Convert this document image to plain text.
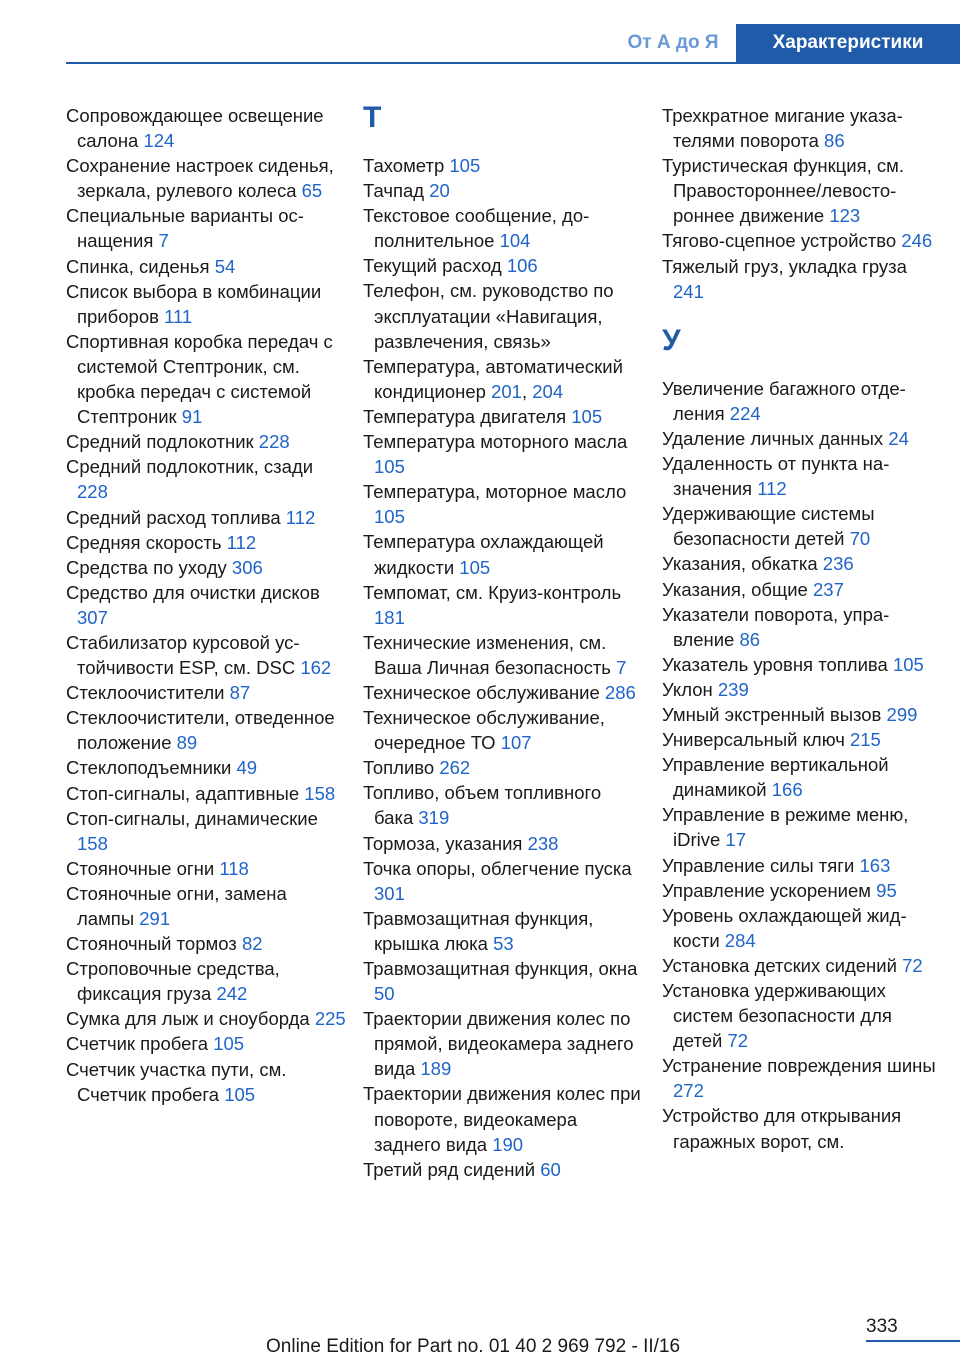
От А до Я	Характеристики
Сопровождающее освещение салона 124
Сохранение настроек сиденья, зеркала, рулевого колеса 65
Специальные варианты оснащения 7
Спинка, сиденья 54
Список выбора в комбинации приборов 111
Спортивная коробка передач с системой Стептроник, см. кробка передач с системой Стептроник 91
Средний подлокотник 228
Средний подлокотник, сзади 228
Средний расход топлива 112
Средняя скорость 112
Средства по уходу 306
Средство для очистки дисков 307
Стабилизатор курсовой устойчивости ESP, см. DSC 162
Стеклоочистители 87
Стеклоочистители, отведенное положение 89
Стеклоподъемники 49
Стоп-сигналы, адаптивные 158
Стоп-сигналы, динамические 158
Стояночные огни 118
Стояночные огни, замена лампы 291
Стояночный тормоз 82
Строповочные средства, фиксация груза 242
Сумка для лыж и сноуборда 225
Счетчик пробега 105
Счетчик участка пути, см. Счетчик пробега 105
Т
Тахометр 105
Тачпад 20
Текстовое сообщение, дополнительное 104
Текущий расход 106
Телефон, см. руководство по эксплуатации «Навигация, развлечения, связь»
Температура, автоматический кондиционер 201, 204
Температура двигателя 105
Температура моторного масла 105
Температура, моторное масло 105
Температура охлаждающей жидкости 105
Темпомат, см. Круиз-контроль 181
Технические изменения, см. Ваша Личная безопасность 7
Техническое обслуживание 286
Техническое обслуживание, очередное ТО 107
Топливо 262
Топливо, объем топливного бака 319
Тормоза, указания 238
Точка опоры, облегчение пуска 301
Травмозащитная функция, крышка люка 53
Травмозащитная функция, окна 50
Траектории движения колес по прямой, видеокамера заднего вида 189
Траектории движения колес при повороте, видеокамера заднего вида 190
Третий ряд сидений 60
Трехкратное мигание указателями поворота 86
Туристическая функция, см. Правостороннее/левостороннее движение 123
Тягово-сцепное устройство 246
Тяжелый груз, укладка груза 241
У
Увеличение багажного отделения 224
Удаление личных данных 24
Удаленность от пункта назначения 112
Удерживающие системы безопасности детей 70
Указания, обкатка 236
Указания, общие 237
Указатели поворота, управление 86
Указатель уровня топлива 105
Уклон 239
Умный экстренный вызов 299
Универсальный ключ 215
Управление вертикальной динамикой 166
Управление в режиме меню, iDrive 17
Управление силы тяги 163
Управление ускорением 95
Уровень охлаждающей жидкости 284
Установка детских сидений 72
Установка удерживающих систем безопасности для детей 72
Устранение повреждения шины 272
Устройство для открывания гаражных ворот, см.
333
Online Edition for Part no. 01 40 2 969 792 - II/16
